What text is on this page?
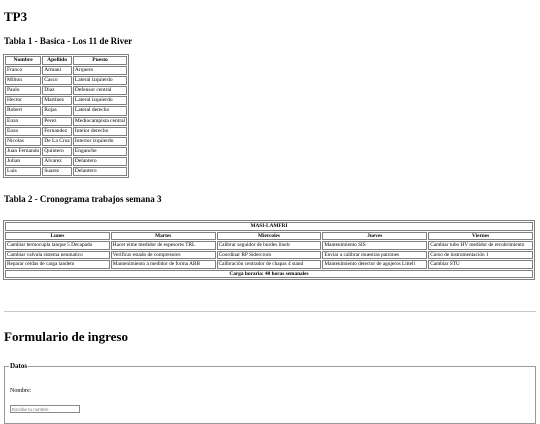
TP3
Tabla 1 - Basica - Los 11 de River
Nombre	Apellido	Puesto
Franco	Armani	Arquero
Milton	Casco	Lateral izquierdo
Paulo	Diaz	Defensor central
Hector	Martinez	Lateral izquierdo
Robert	Rojas	Lateral derecho
Enzo	Perez	Mediocampista central
Enzo	Fernandez	Inteior derecho
Nicolas	De La Cruz	Interior izquierdo
Juan Fernando	Quintero	Enganche
Julian	Alvarez	Delantero
Luis	Suarez	Delantero
Tabla 2 - Cronograma trabajos semana 3
MASI-LAMFRI				
Lunes	Martes	Miercoles	Jueves	Viernes
Cambiar termocupla tanque 5 Decapado	Hacer eime medidor de espesores TRL	Calibrar seguidor de bordes linelc	Mantenimiento SIS	Cambiar tubo HV medidor de recubrimiento
Cambiar valvula sistema neumatico	Verificar estado de compresores	Coordinar RP Sidercrom	Enviar a calibrar muestras patrones	Curso de instrumentación 1
Reparar celdas de carga tandem	Mantenimiento a medidor de forma ABB	Calibración centrador de chapas 4 stand	Mantenimiento detector de agujeros Littell	Cambiar STU
Carga horaria: 40 horas semanales				
Formulario de ingreso
Datos
Nombre:
Escribe tu nombre
